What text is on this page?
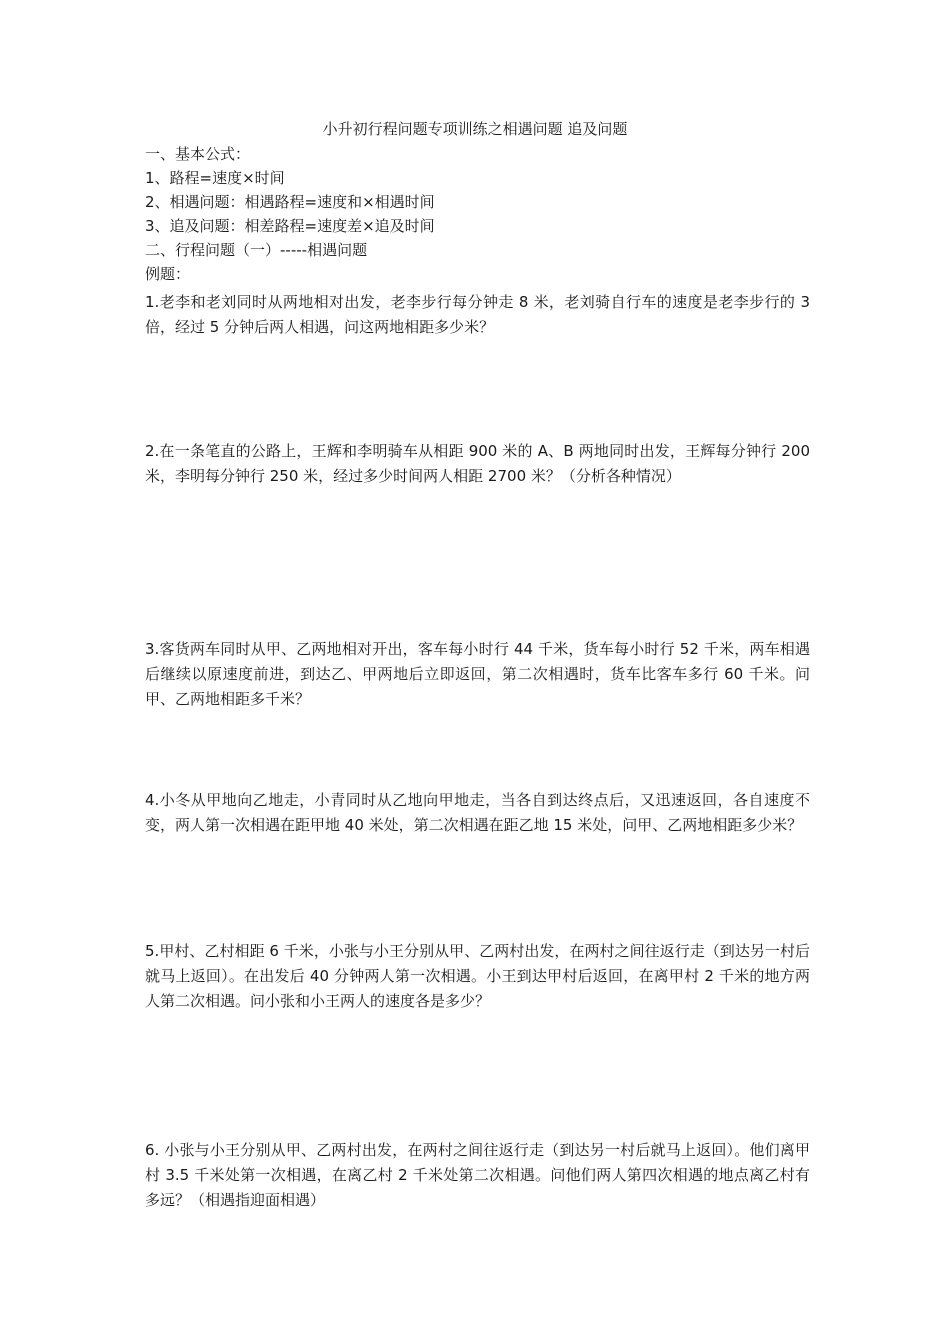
小升初行程问题专项训练之相遇问题 追及问题
一、基本公式：
1、路程=速度×时间
2、相遇问题：相遇路程=速度和×相遇时间
3、追及问题：相差路程=速度差×追及时间
二、行程问题（一）-----相遇问题
例题：
1.老李和老刘同时从两地相对出发，老李步行每分钟走 8 米，老刘骑自行车的速度是老李步行的 3 倍，经过 5 分钟后两人相遇，问这两地相距多少米？
2.在一条笔直的公路上，王辉和李明骑车从相距 900 米的 A、B 两地同时出发，王辉每分钟行 200 米，李明每分钟行 250 米，经过多少时间两人相距 2700 米？（分析各种情况）
3.客货两车同时从甲、乙两地相对开出，客车每小时行 44 千米，货车每小时行 52 千米，两车相遇后继续以原速度前进，到达乙、甲两地后立即返回，第二次相遇时，货车比客车多行 60 千米。问甲、乙两地相距多千米？
4.小冬从甲地向乙地走，小青同时从乙地向甲地走，当各自到达终点后，又迅速返回，各自速度不变，两人第一次相遇在距甲地 40 米处，第二次相遇在距乙地 15 米处，问甲、乙两地相距多少米？
5.甲村、乙村相距 6 千米，小张与小王分别从甲、乙两村出发，在两村之间往返行走（到达另一村后就马上返回）。在出发后 40 分钟两人第一次相遇。小王到达甲村后返回，在离甲村 2 千米的地方两人第二次相遇。问小张和小王两人的速度各是多少？
6. 小张与小王分别从甲、乙两村出发，在两村之间往返行走（到达另一村后就马上返回）。他们离甲村 3.5 千米处第一次相遇，在离乙村 2 千米处第二次相遇。问他们两人第四次相遇的地点离乙村有多远？（相遇指迎面相遇）
